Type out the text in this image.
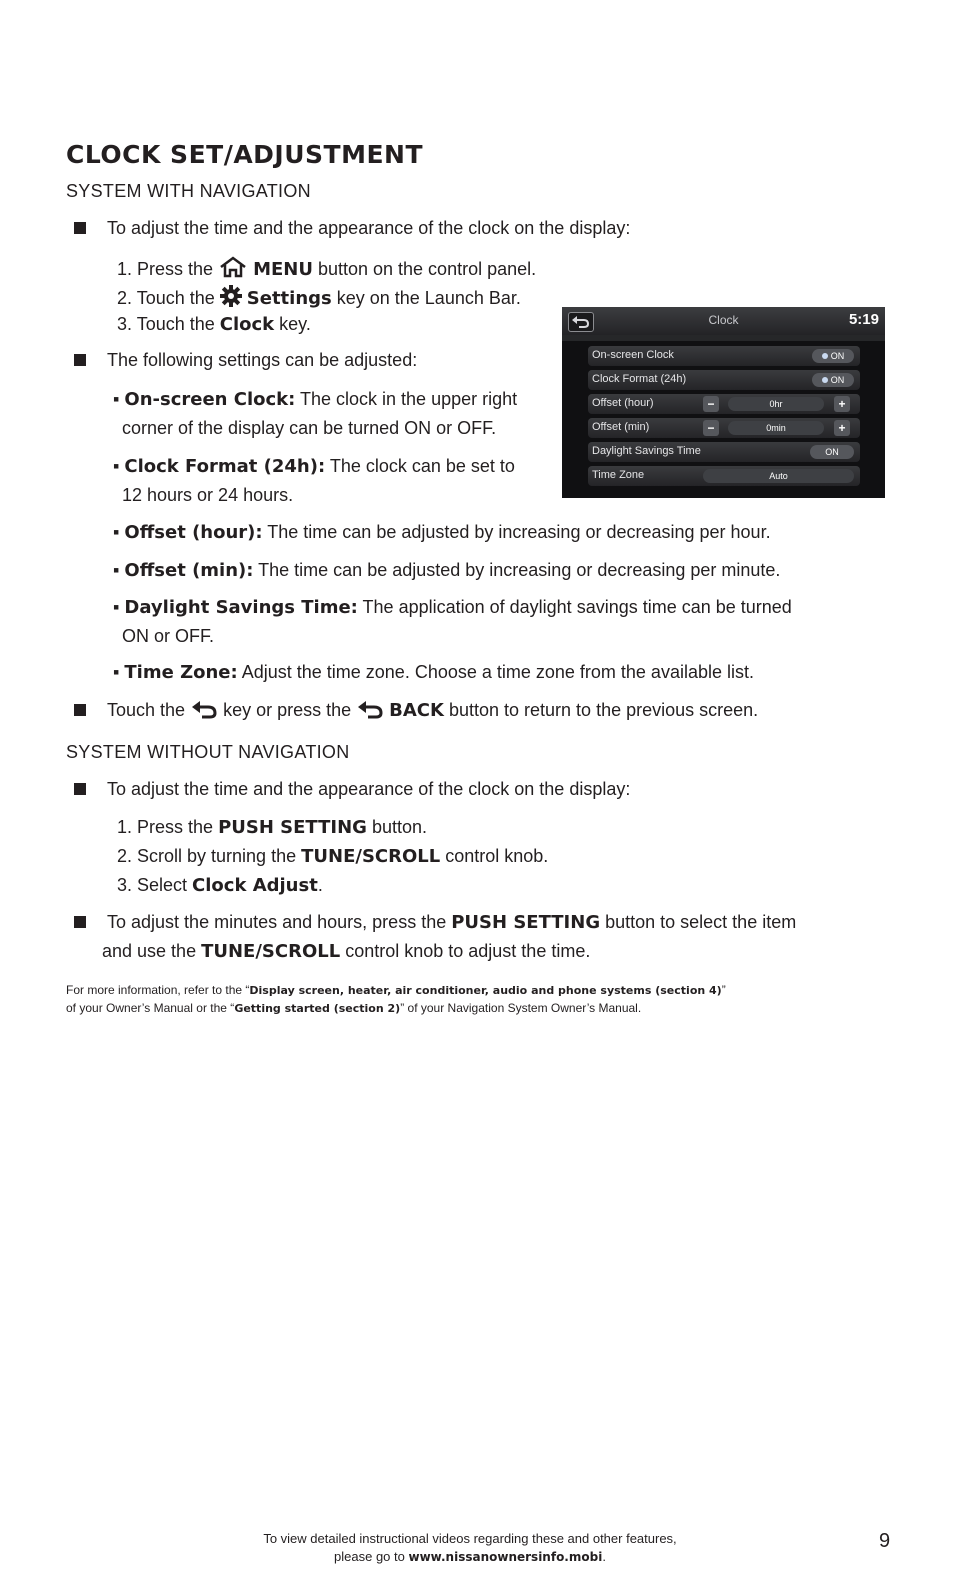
CLOCK SET/ADJUSTMENT
SYSTEM WITH NAVIGATION
To adjust the time and the appearance of the clock on the display:
1. Press the  MENU button on the control panel.
2. Touch the  Settings key on the Launch Bar.
3. Touch the Clock key.
The following settings can be adjusted:
▪ On-screen Clock: The clock in the upper right
corner of the display can be turned ON or OFF.
▪ Clock Format (24h): The clock can be set to
12 hours or 24 hours.
▪ Offset (hour): The time can be adjusted by increasing or decreasing per hour.
▪ Offset (min): The time can be adjusted by increasing or decreasing per minute.
▪ Daylight Savings Time: The application of daylight savings time can be turned
ON or OFF.
▪ Time Zone: Adjust the time zone. Choose a time zone from the available list.
Touch the  key or press the  BACK button to return to the previous screen.
SYSTEM WITHOUT NAVIGATION
To adjust the time and the appearance of the clock on the display:
1. Press the PUSH SETTING button.
2. Scroll by turning the TUNE/SCROLL control knob.
3. Select Clock Adjust.
To adjust the minutes and hours, press the PUSH SETTING button to select the item
and use the TUNE/SCROLL control knob to adjust the time.
For more information, refer to the “Display screen, heater, air conditioner, audio and phone systems (section 4)”
of your Owner’s Manual or the “Getting started (section 2)” of your Navigation System Owner’s Manual.
Clock	5:19
On-screen Clock	ON
Clock Format (24h)	ON
Offset (hour)	−	0hr	+
Offset (min)	−	0min	+
Daylight Savings Time	ON
Time Zone	Auto
9
To view detailed instructional videos regarding these and other features,
please go to www.nissanownersinfo.mobi.
